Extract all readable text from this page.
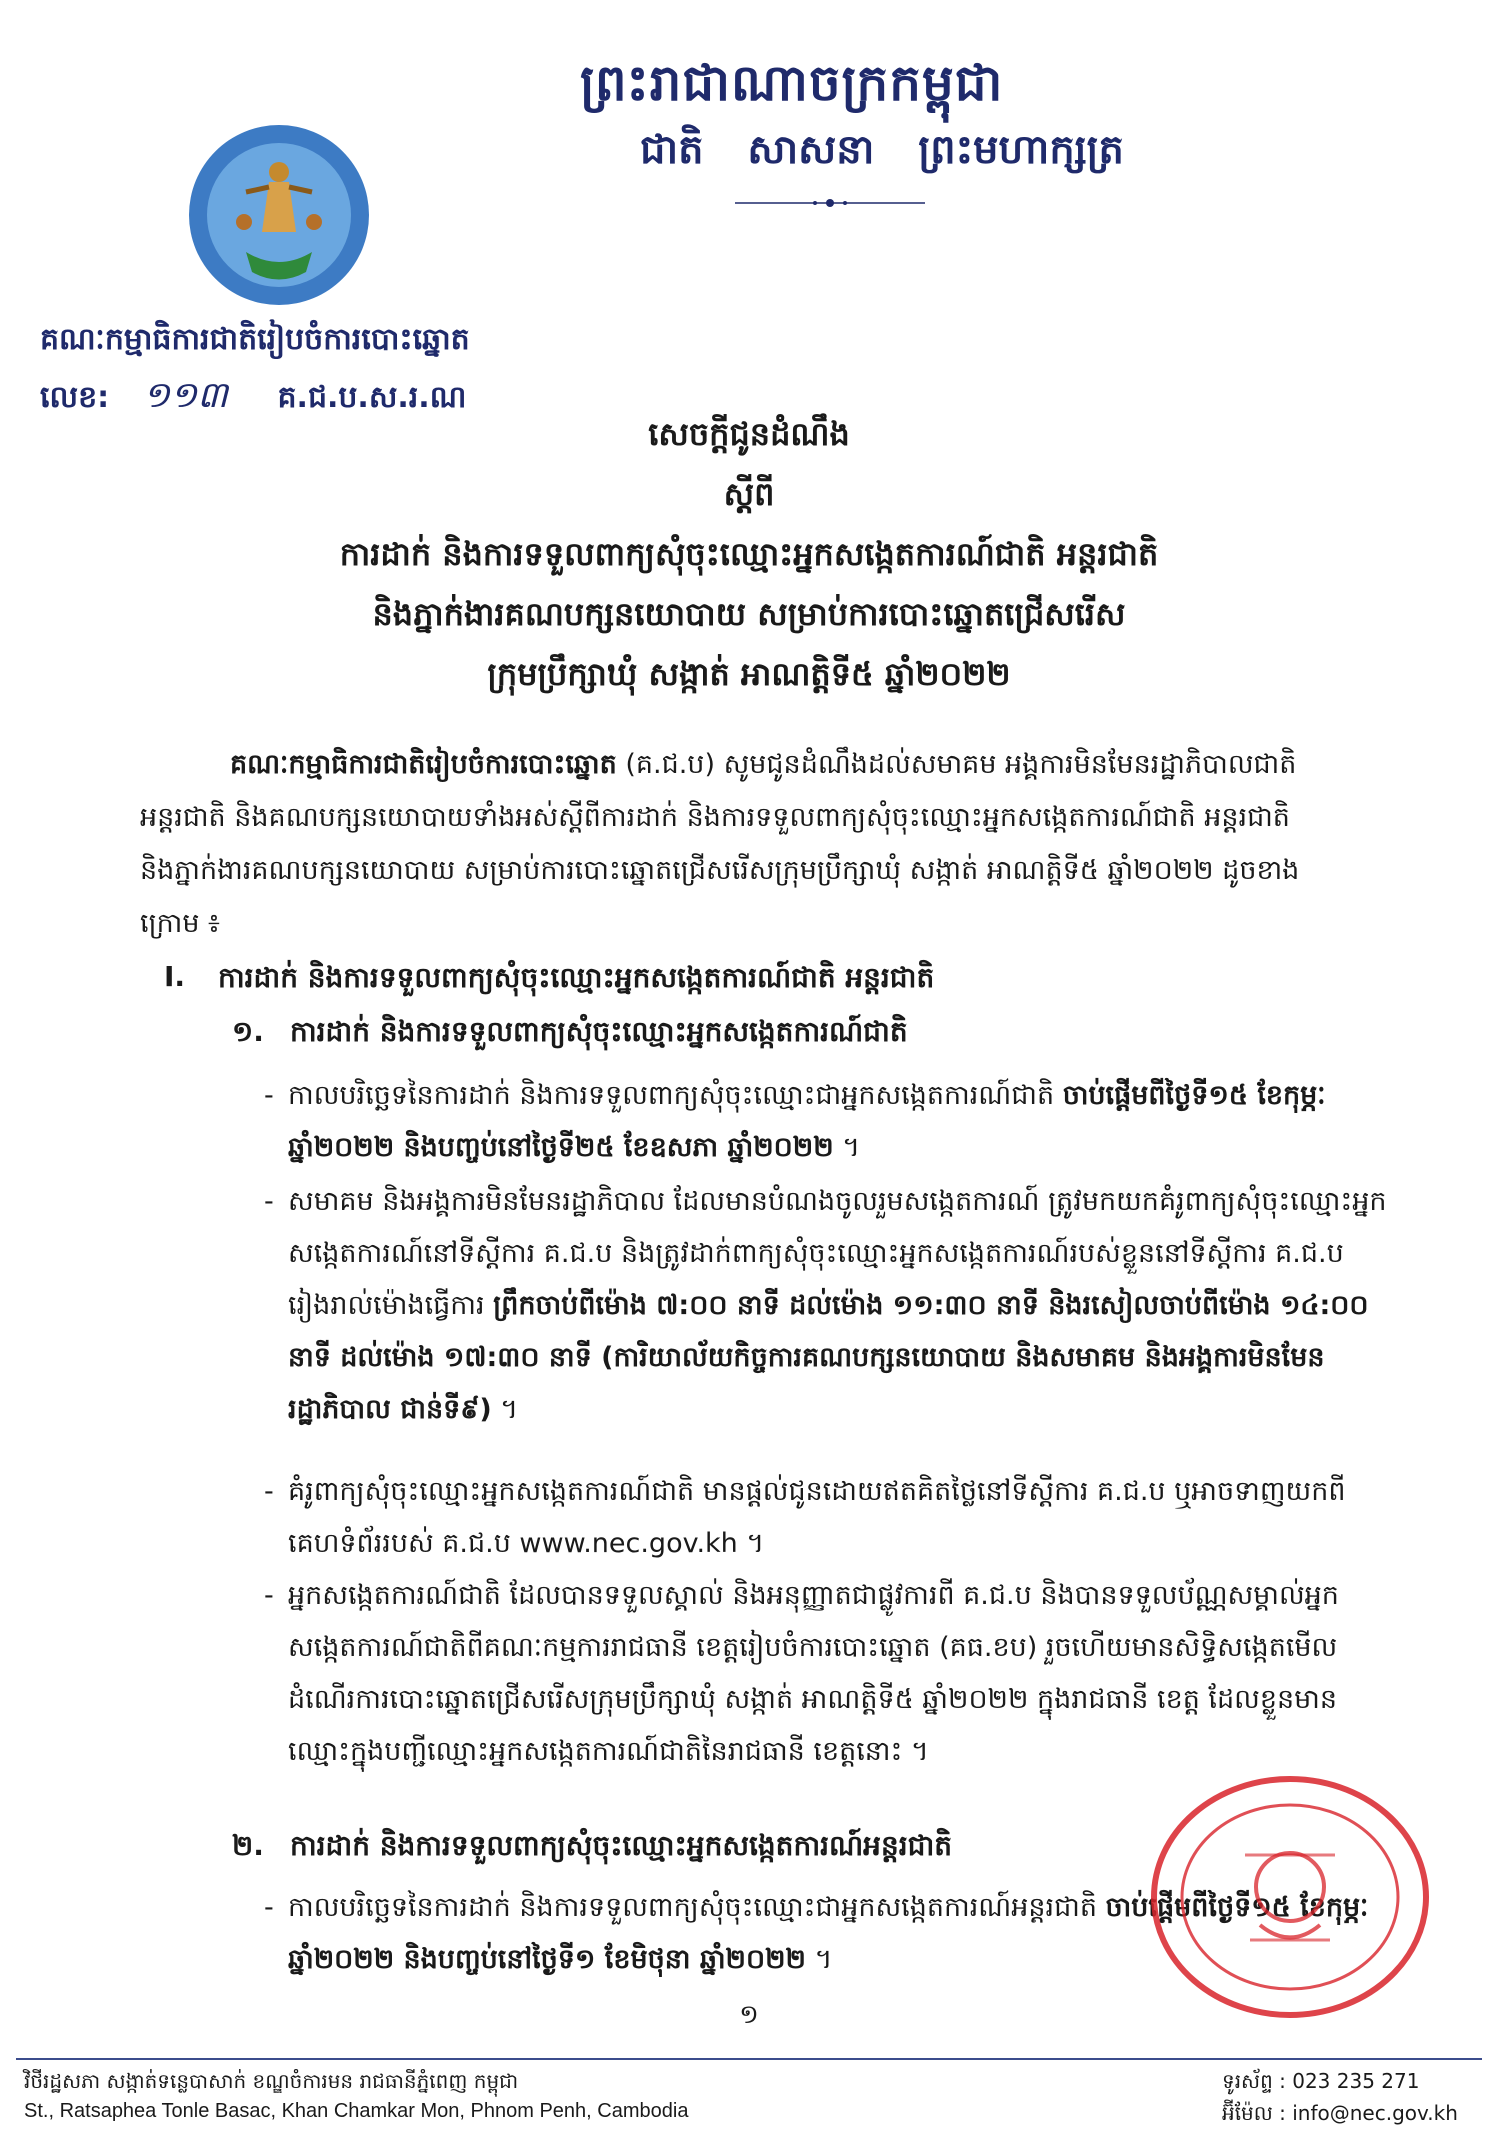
ព្រះរាជាណាចក្រកម្ពុជា
ជាតិ សាសនា ព្រះមហាក្សត្រ
គណៈកម្មាធិការជាតិរៀបចំការបោះឆ្នោត
លេខ: ១១៣ គ.ជ.ប.ស.រ.ណ
សេចក្តីជូនដំណឹង
ស្តីពី
ការដាក់ និងការទទួលពាក្យសុំចុះឈ្មោះអ្នកសង្កេតការណ៍ជាតិ អន្តរជាតិ
និងភ្នាក់ងារគណបក្សនយោបាយ សម្រាប់ការបោះឆ្នោតជ្រើសរើស
ក្រុមប្រឹក្សាឃុំ សង្កាត់ អាណត្តិទី៥ ឆ្នាំ២០២២
គណៈកម្មាធិការជាតិរៀបចំការបោះឆ្នោត (គ.ជ.ប) សូមជូនដំណឹងដល់សមាគម អង្គការមិនមែនរដ្ឋាភិបាលជាតិ អន្តរជាតិ និងគណបក្សនយោបាយទាំងអស់ស្តីពីការដាក់ និងការទទួលពាក្យសុំចុះឈ្មោះអ្នកសង្កេតការណ៍ជាតិ អន្តរជាតិ និងភ្នាក់ងារគណបក្សនយោបាយ សម្រាប់ការបោះឆ្នោតជ្រើសរើសក្រុមប្រឹក្សាឃុំ សង្កាត់ អាណត្តិទី៥ ឆ្នាំ២០២២ ដូចខាងក្រោម ៖
I. ការដាក់ និងការទទួលពាក្យសុំចុះឈ្មោះអ្នកសង្កេតការណ៍ជាតិ អន្តរជាតិ
១. ការដាក់ និងការទទួលពាក្យសុំចុះឈ្មោះអ្នកសង្កេតការណ៍ជាតិ
- កាលបរិច្ឆេទនៃការដាក់ និងការទទួលពាក្យសុំចុះឈ្មោះជាអ្នកសង្កេតការណ៍ជាតិ ចាប់ផ្តើមពីថ្ងៃទី១៥ ខែកុម្ភៈ ឆ្នាំ២០២២ និងបញ្ចប់នៅថ្ងៃទី២៥ ខែឧសភា ឆ្នាំ២០២២ ។
- សមាគម និងអង្គការមិនមែនរដ្ឋាភិបាល ដែលមានបំណងចូលរួមសង្កេតការណ៍ ត្រូវមកយកគំរូពាក្យសុំចុះឈ្មោះអ្នកសង្កេតការណ៍នៅទីស្តីការ គ.ជ.ប និងត្រូវដាក់ពាក្យសុំចុះឈ្មោះអ្នកសង្កេតការណ៍របស់ខ្លួននៅទីស្តីការ គ.ជ.ប រៀងរាល់ម៉ោងធ្វើការ ព្រឹកចាប់ពីម៉ោង ៧:០០ នាទី ដល់ម៉ោង ១១:៣០ នាទី និងរសៀលចាប់ពីម៉ោង ១៤:០០ នាទី ដល់ម៉ោង ១៧:៣០ នាទី (ការិយាល័យកិច្ចការគណបក្សនយោបាយ និងសមាគម និងអង្គការមិនមែនរដ្ឋាភិបាល ជាន់ទី៩) ។
- គំរូពាក្យសុំចុះឈ្មោះអ្នកសង្កេតការណ៍ជាតិ មានផ្តល់ជូនដោយឥតគិតថ្លៃនៅទីស្តីការ គ.ជ.ប ឬអាចទាញយកពីគេហទំព័ររបស់ គ.ជ.ប www.nec.gov.kh ។
- អ្នកសង្កេតការណ៍ជាតិ ដែលបានទទួលស្គាល់ និងអនុញ្ញាតជាផ្លូវការពី គ.ជ.ប និងបានទទួលប័ណ្ណសម្គាល់អ្នកសង្កេតការណ៍ជាតិពីគណៈកម្មការរាជធានី ខេត្តរៀបចំការបោះឆ្នោត (គធ.ខប) រួចហើយមានសិទ្ធិសង្កេតមើលដំណើរការបោះឆ្នោតជ្រើសរើសក្រុមប្រឹក្សាឃុំ សង្កាត់ អាណត្តិទី៥ ឆ្នាំ២០២២ ក្នុងរាជធានី ខេត្ត ដែលខ្លួនមានឈ្មោះក្នុងបញ្ជីឈ្មោះអ្នកសង្កេតការណ៍ជាតិនៃរាជធានី ខេត្តនោះ ។
២. ការដាក់ និងការទទួលពាក្យសុំចុះឈ្មោះអ្នកសង្កេតការណ៍អន្តរជាតិ
- កាលបរិច្ឆេទនៃការដាក់ និងការទទួលពាក្យសុំចុះឈ្មោះជាអ្នកសង្កេតការណ៍អន្តរជាតិ ចាប់ផ្តើមពីថ្ងៃទី១៥ ខែកុម្ភៈ ឆ្នាំ២០២២ និងបញ្ចប់នៅថ្ងៃទី១ ខែមិថុនា ឆ្នាំ២០២២ ។
១
វិថីរដ្ឋសភា សង្កាត់ទន្លេបាសាក់ ខណ្ឌចំការមន រាជធានីភ្នំពេញ កម្ពុជា
St., Ratsaphea Tonle Basac, Khan Chamkar Mon, Phnom Penh, Cambodia
ទូរស័ព្ទ : 023 235 271
អ៊ីម៉ែល : info@nec.gov.kh
